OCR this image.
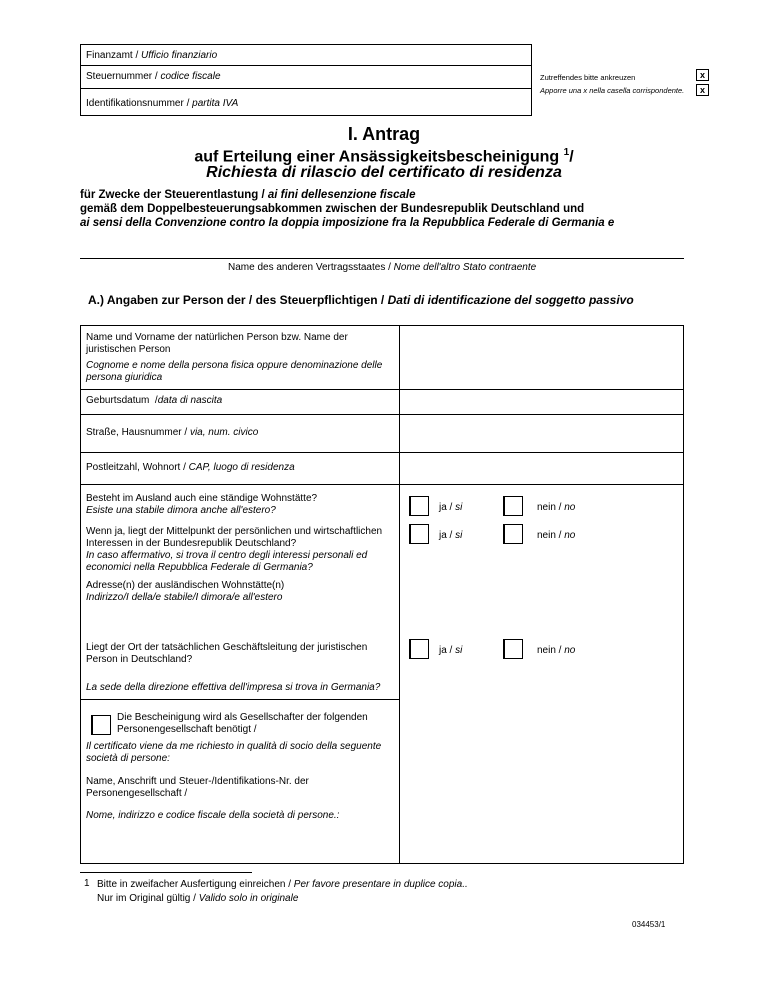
Finanzamt / Ufficio finanziario
Steuernummer / codice fiscale
Identifikationsnummer / partita IVA
Zutreffendes bitte ankreuzen	x
Apporre una x nella casella corrispondente.	x
I. Antrag
auf Erteilung einer Ansässigkeitsbescheinigung $^1$/
Richiesta di rilascio del certificato di residenza
für Zwecke der Steuerentlastung / ai fini dellesenzione fiscale
gemäß dem Doppelbesteuerungsabkommen zwischen der Bundesrepublik Deutschland und
ai sensi della Convenzione contro la doppia imposizione fra la Repubblica Federale di Germania e
Name des anderen Vertragsstaates / Nome dell'altro Stato contraente
A.) Angaben zur Person der / des Steuerpflichtigen / Dati di identificazione del soggetto passivo
Name und Vorname der natürlichen Person bzw. Name der juristischen Person
Cognome e nome della persona fisica oppure denominazione delle persona giuridica
Geburtsdatum  /data di nascita
Straße, Hausnummer / via, num. civico
Postleitzahl, Wohnort / CAP, luogo di residenza
Besteht im Ausland auch eine ständige Wohnstätte?
Esiste una stabile dimora anche all'estero?	ja / si	nein / no
Wenn ja, liegt der Mittelpunkt der persönlichen und wirtschaftlichen Interessen in der Bundesrepublik Deutschland?
In caso affermativo, si trova il centro degli interessi personali ed economici nella Repubblica Federale di Germania?
ja / si	nein / no
Adresse(n) der ausländischen Wohnstätte(n)
Indirizzo/I della/e stabile/I dimora/e all'estero
Liegt der Ort der tatsächlichen Geschäftsleitung der juristischen Person in Deutschland?
La sede della direzione effettiva dell'impresa si trova in Germania?
ja / si	nein / no
Die Bescheinigung wird als Gesellschafter der folgenden Personengesellschaft benötigt /
Il certificato viene da me richiesto in qualità di socio della seguente società di persone:
Name, Anschrift und Steuer-/Identifikations-Nr. der Personengesellschaft /
Nome, indirizzo e codice fiscale della società di persone.:
1 Bitte in zweifacher Ausfertigung einreichen / Per favore presentare in duplice copia..
Nur im Original gültig / Valido solo in originale
034453/1
